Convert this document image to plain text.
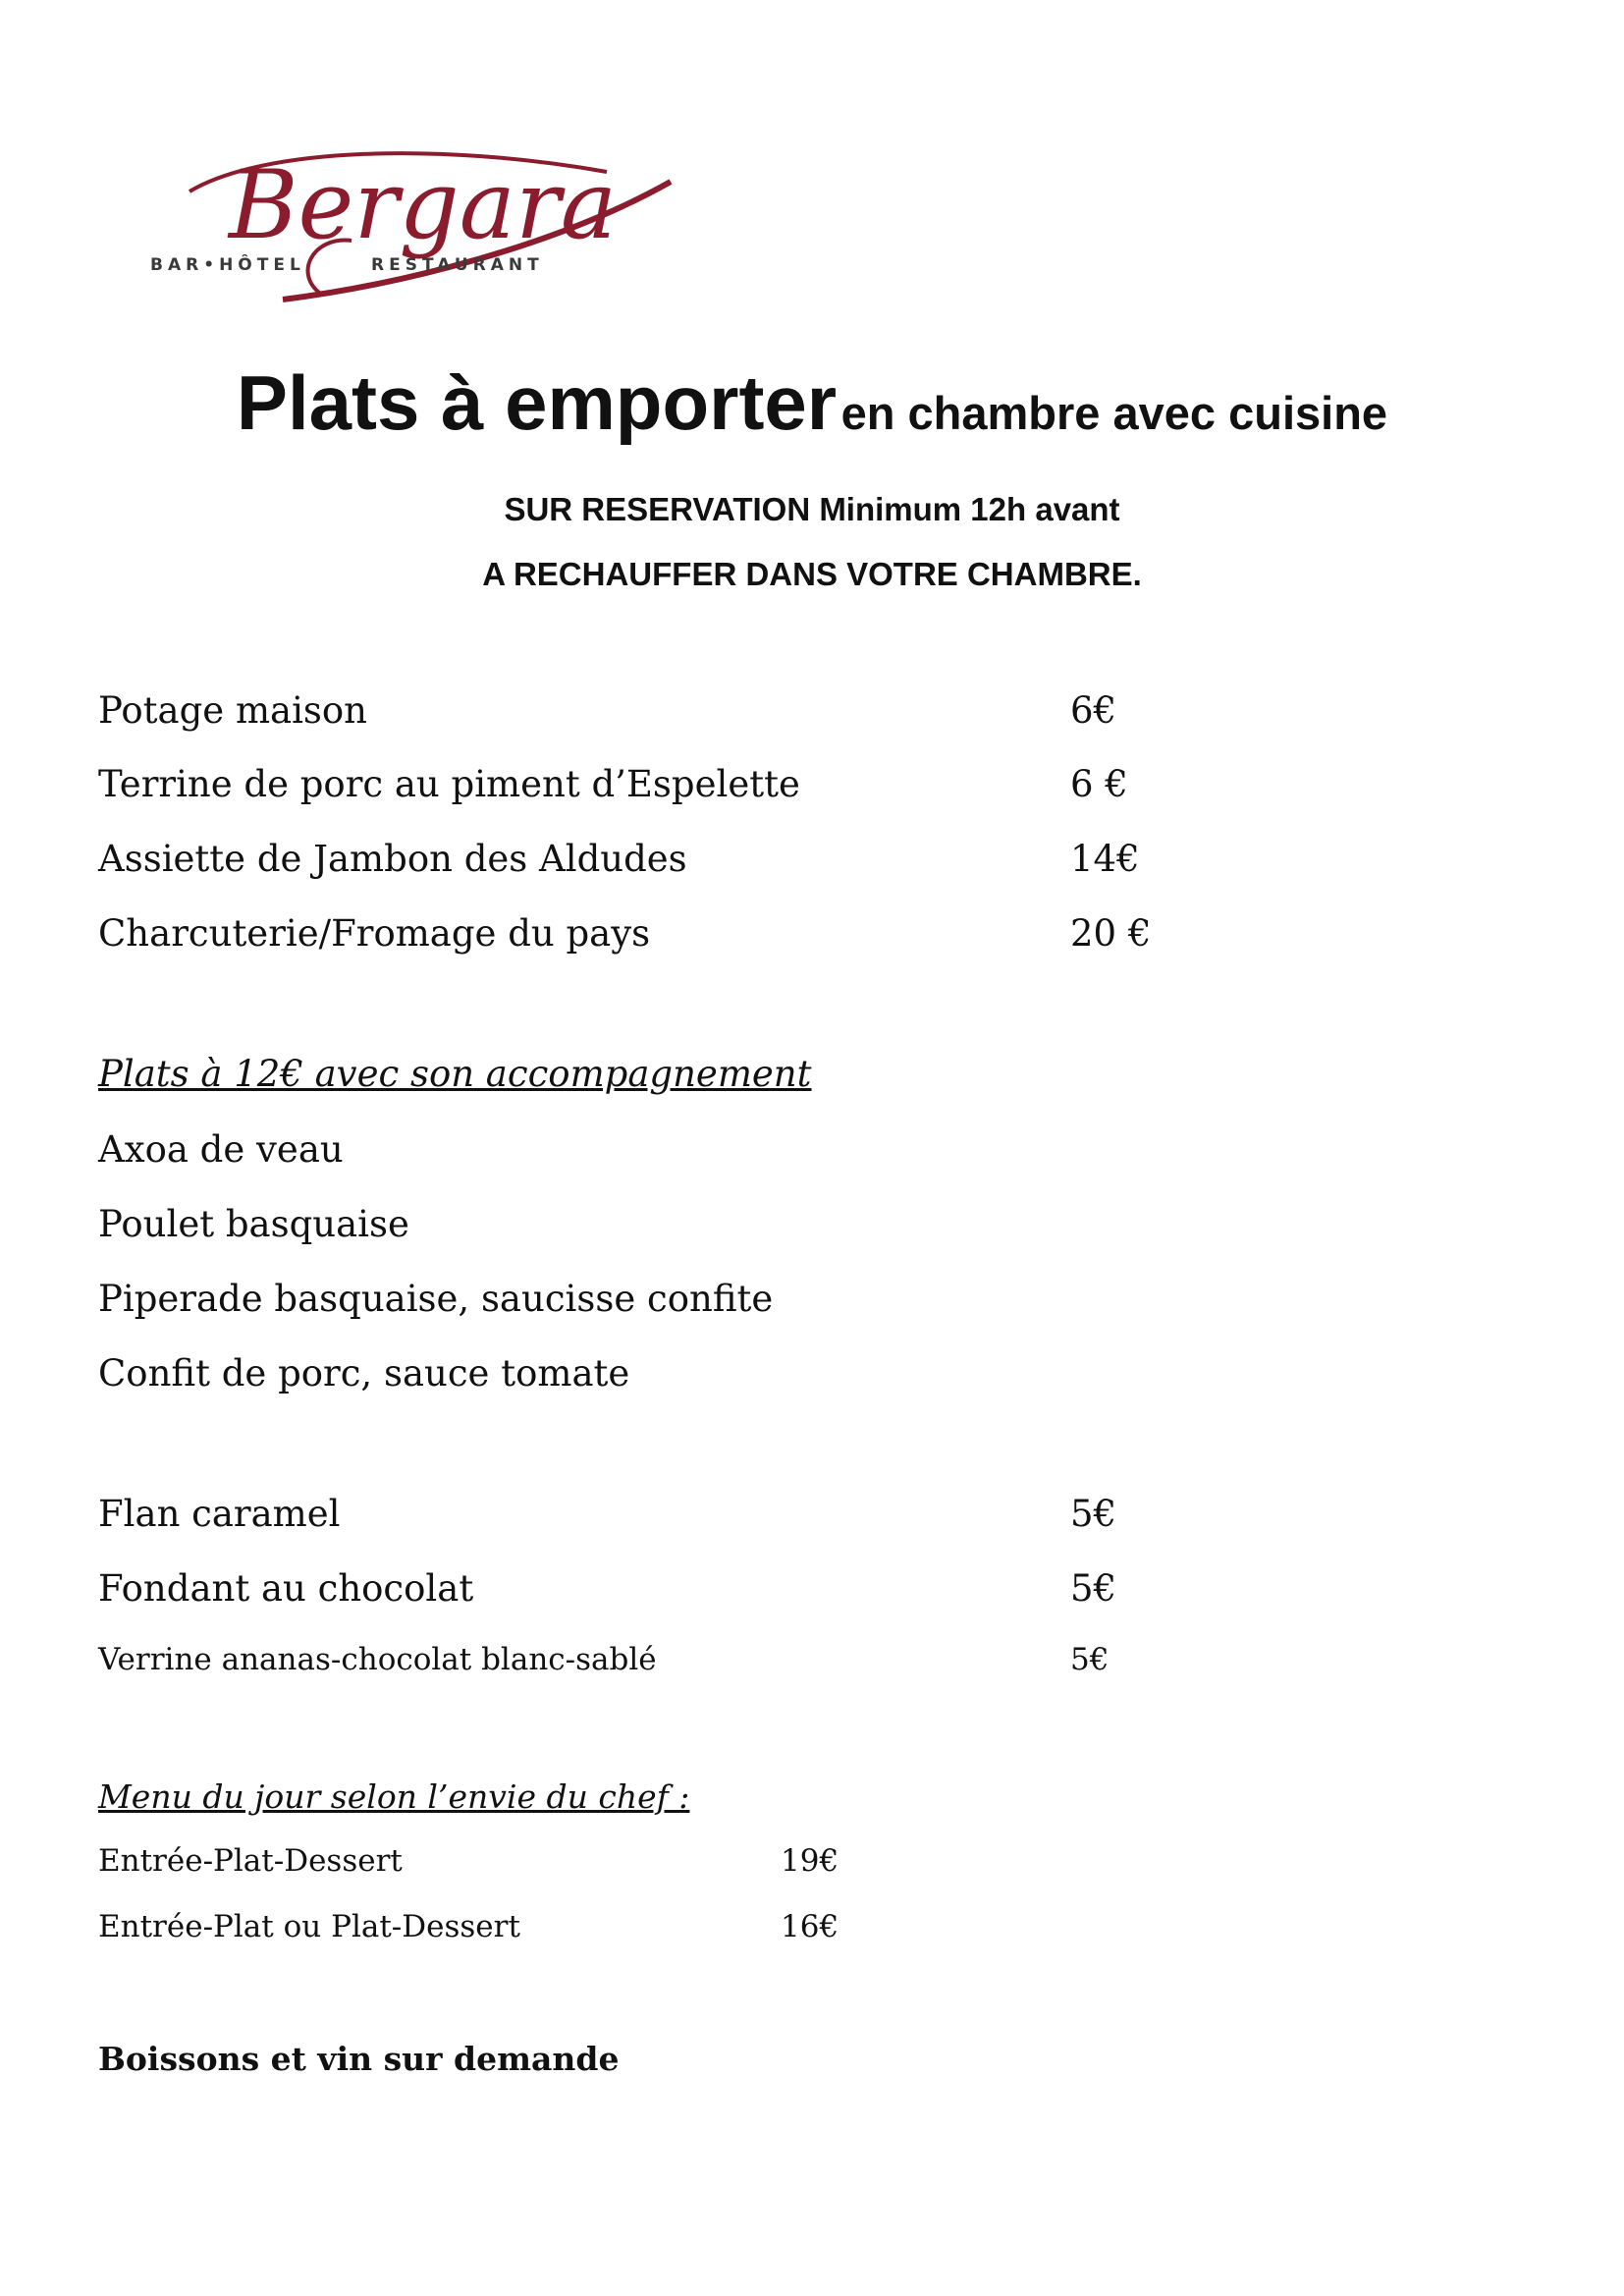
Bergara
BAR•HÔTEL	RESTAURANT
Plats à emporter en chambre avec cuisine
SUR RESERVATION Minimum 12h avant
A RECHAUFFER DANS VOTRE CHAMBRE.
Potage maison	6€
Terrine de porc au piment d’Espelette	6 €
Assiette de Jambon des Aldudes	14€
Charcuterie/Fromage du pays	20 €
Plats à 12€ avec son accompagnement
Axoa de veau
Poulet basquaise
Piperade basquaise, saucisse confite
Confit de porc, sauce tomate
Flan caramel	5€
Fondant au chocolat	5€
Verrine ananas-chocolat blanc-sablé	5€
Menu du jour selon l’envie du chef :
Entrée-Plat-Dessert	19€
Entrée-Plat ou Plat-Dessert	16€
Boissons et vin sur demande
